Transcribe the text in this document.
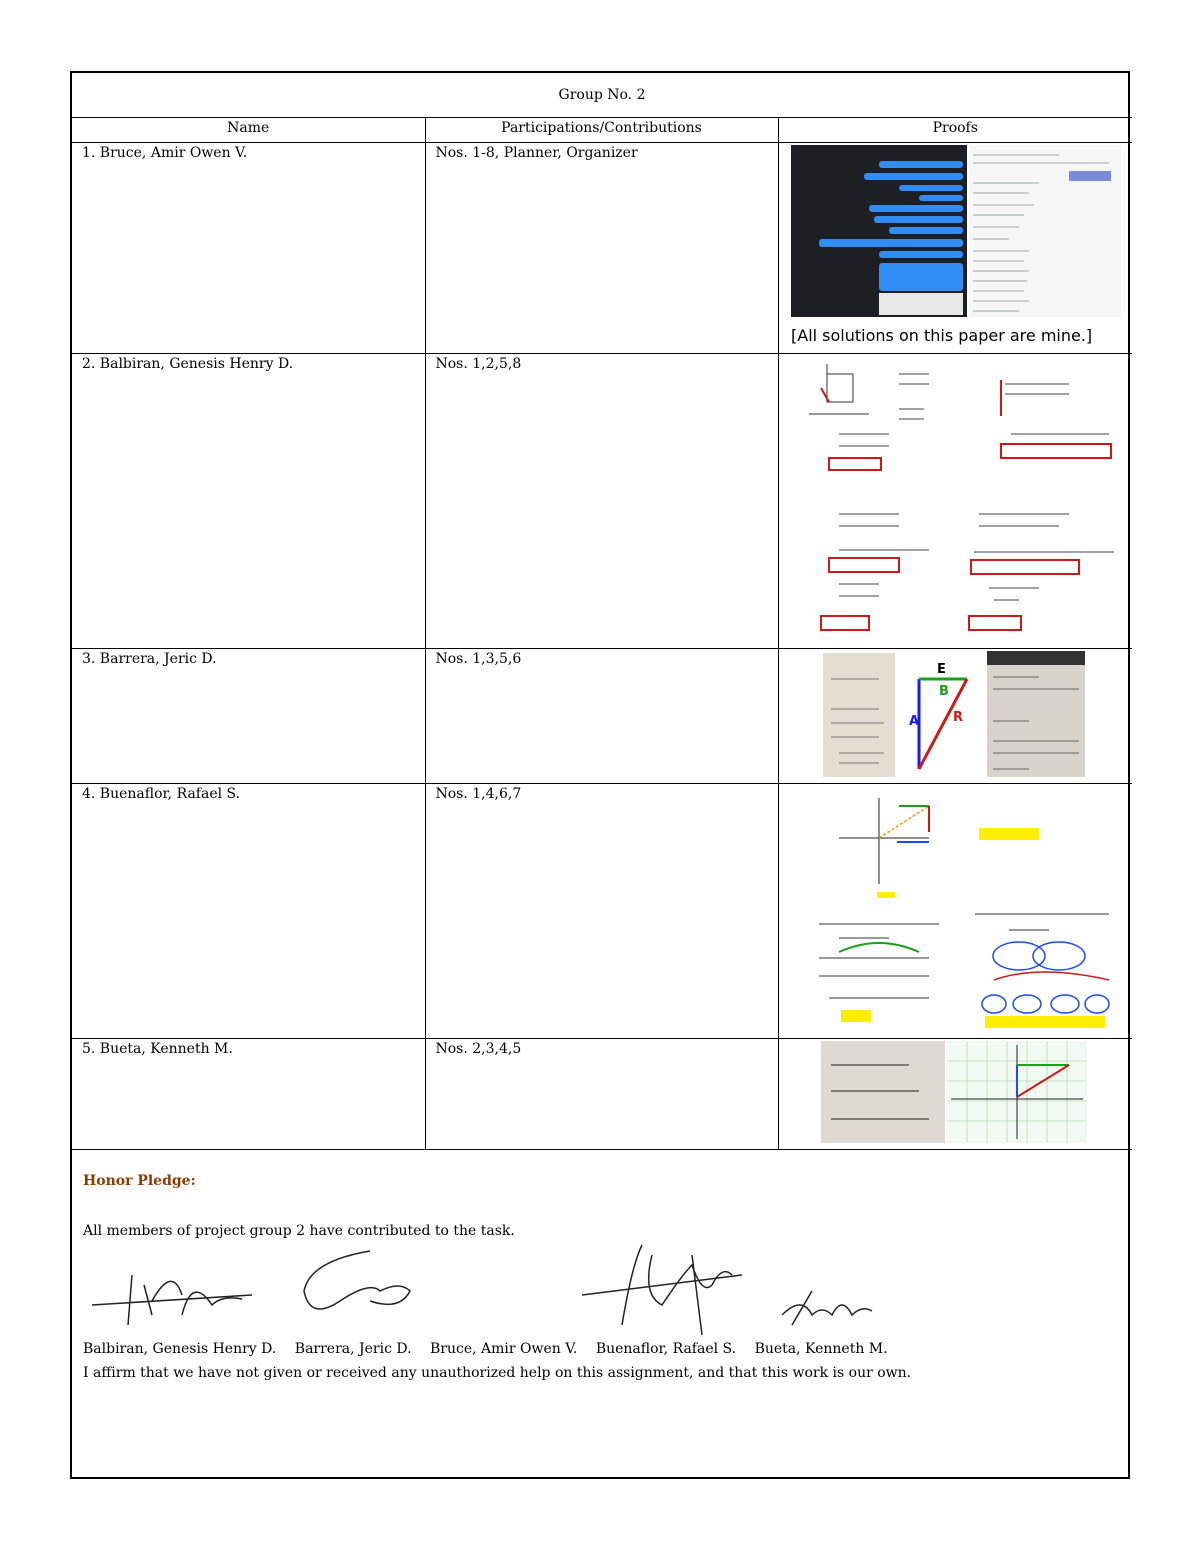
Group No. 2		
Name	Participations/Contributions	Proofs
1. Bruce, Amir Owen V.	Nos. 1-8, Planner, Organizer	[All solutions on this paper are mine.]

2. Balbiran, Genesis Henry D.	Nos. 1,2,5,8	

3. Barrera, Jeric D.	Nos. 1,3,5,6	E
B
A R

4. Buenaflor, Rafael S.	Nos. 1,4,6,7	

5. Bueta, Kenneth M.	Nos. 2,3,4,5	
Honor Pledge:
All members of project group 2 have contributed to the task.
Balbiran, Genesis Henry D. Barrera, Jeric D. Bruce, Amir Owen V. Buenaflor, Rafael S. Bueta, Kenneth M.
I affirm that we have not given or received any unauthorized help on this assignment, and that this work is our own.
